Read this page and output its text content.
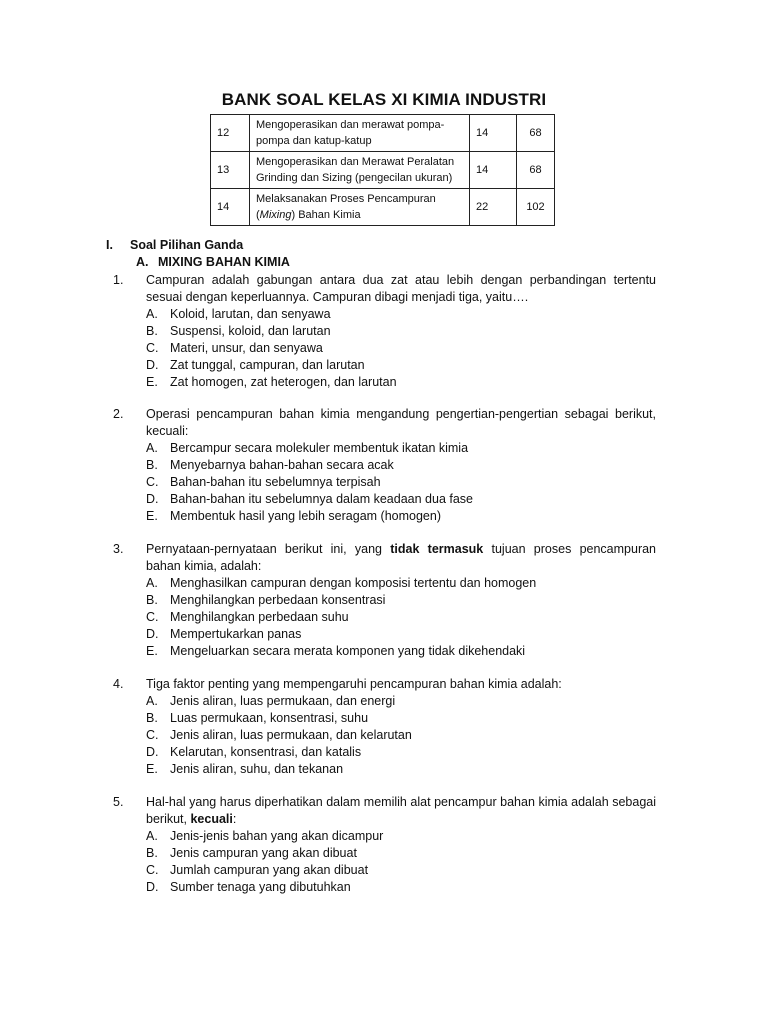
BANK SOAL KELAS XI KIMIA INDUSTRI
12	Mengoperasikan dan merawat pompa-pompa dan katup-katup	14	68
13	Mengoperasikan dan Merawat Peralatan Grinding dan Sizing (pengecilan ukuran)	14	68
14	Melaksanakan Proses Pencampuran (Mixing) Bahan Kimia	22	102
I. Soal Pilihan Ganda
A. MIXING BAHAN KIMIA
1. Campuran adalah gabungan antara dua zat atau lebih dengan perbandingan tertentu sesuai dengan keperluannya. Campuran dibagi menjadi tiga, yaitu….
A. Koloid, larutan, dan senyawa
B. Suspensi, koloid, dan larutan
C. Materi, unsur, dan senyawa
D. Zat tunggal, campuran, dan larutan
E. Zat homogen, zat heterogen, dan larutan
2. Operasi pencampuran bahan kimia mengandung pengertian-pengertian sebagai berikut, kecuali:
A. Bercampur secara molekuler membentuk ikatan kimia
B. Menyebarnya bahan-bahan secara acak
C. Bahan-bahan itu sebelumnya terpisah
D. Bahan-bahan itu sebelumnya dalam keadaan dua fase
E. Membentuk hasil yang lebih seragam (homogen)
3. Pernyataan-pernyataan berikut ini, yang tidak termasuk tujuan proses pencampuran bahan kimia, adalah:
A. Menghasilkan campuran dengan komposisi tertentu dan homogen
B. Menghilangkan perbedaan konsentrasi
C. Menghilangkan perbedaan suhu
D. Mempertukarkan panas
E. Mengeluarkan secara merata komponen yang tidak dikehendaki
4. Tiga faktor penting yang mempengaruhi pencampuran bahan kimia adalah:
A. Jenis aliran, luas permukaan, dan energi
B. Luas permukaan, konsentrasi, suhu
C. Jenis aliran, luas permukaan, dan kelarutan
D. Kelarutan, konsentrasi, dan katalis
E. Jenis aliran, suhu, dan tekanan
5. Hal-hal yang harus diperhatikan dalam memilih alat pencampur bahan kimia adalah sebagai berikut, kecuali:
A. Jenis-jenis bahan yang akan dicampur
B. Jenis campuran yang akan dibuat
C. Jumlah campuran yang akan dibuat
D. Sumber tenaga yang dibutuhkan
